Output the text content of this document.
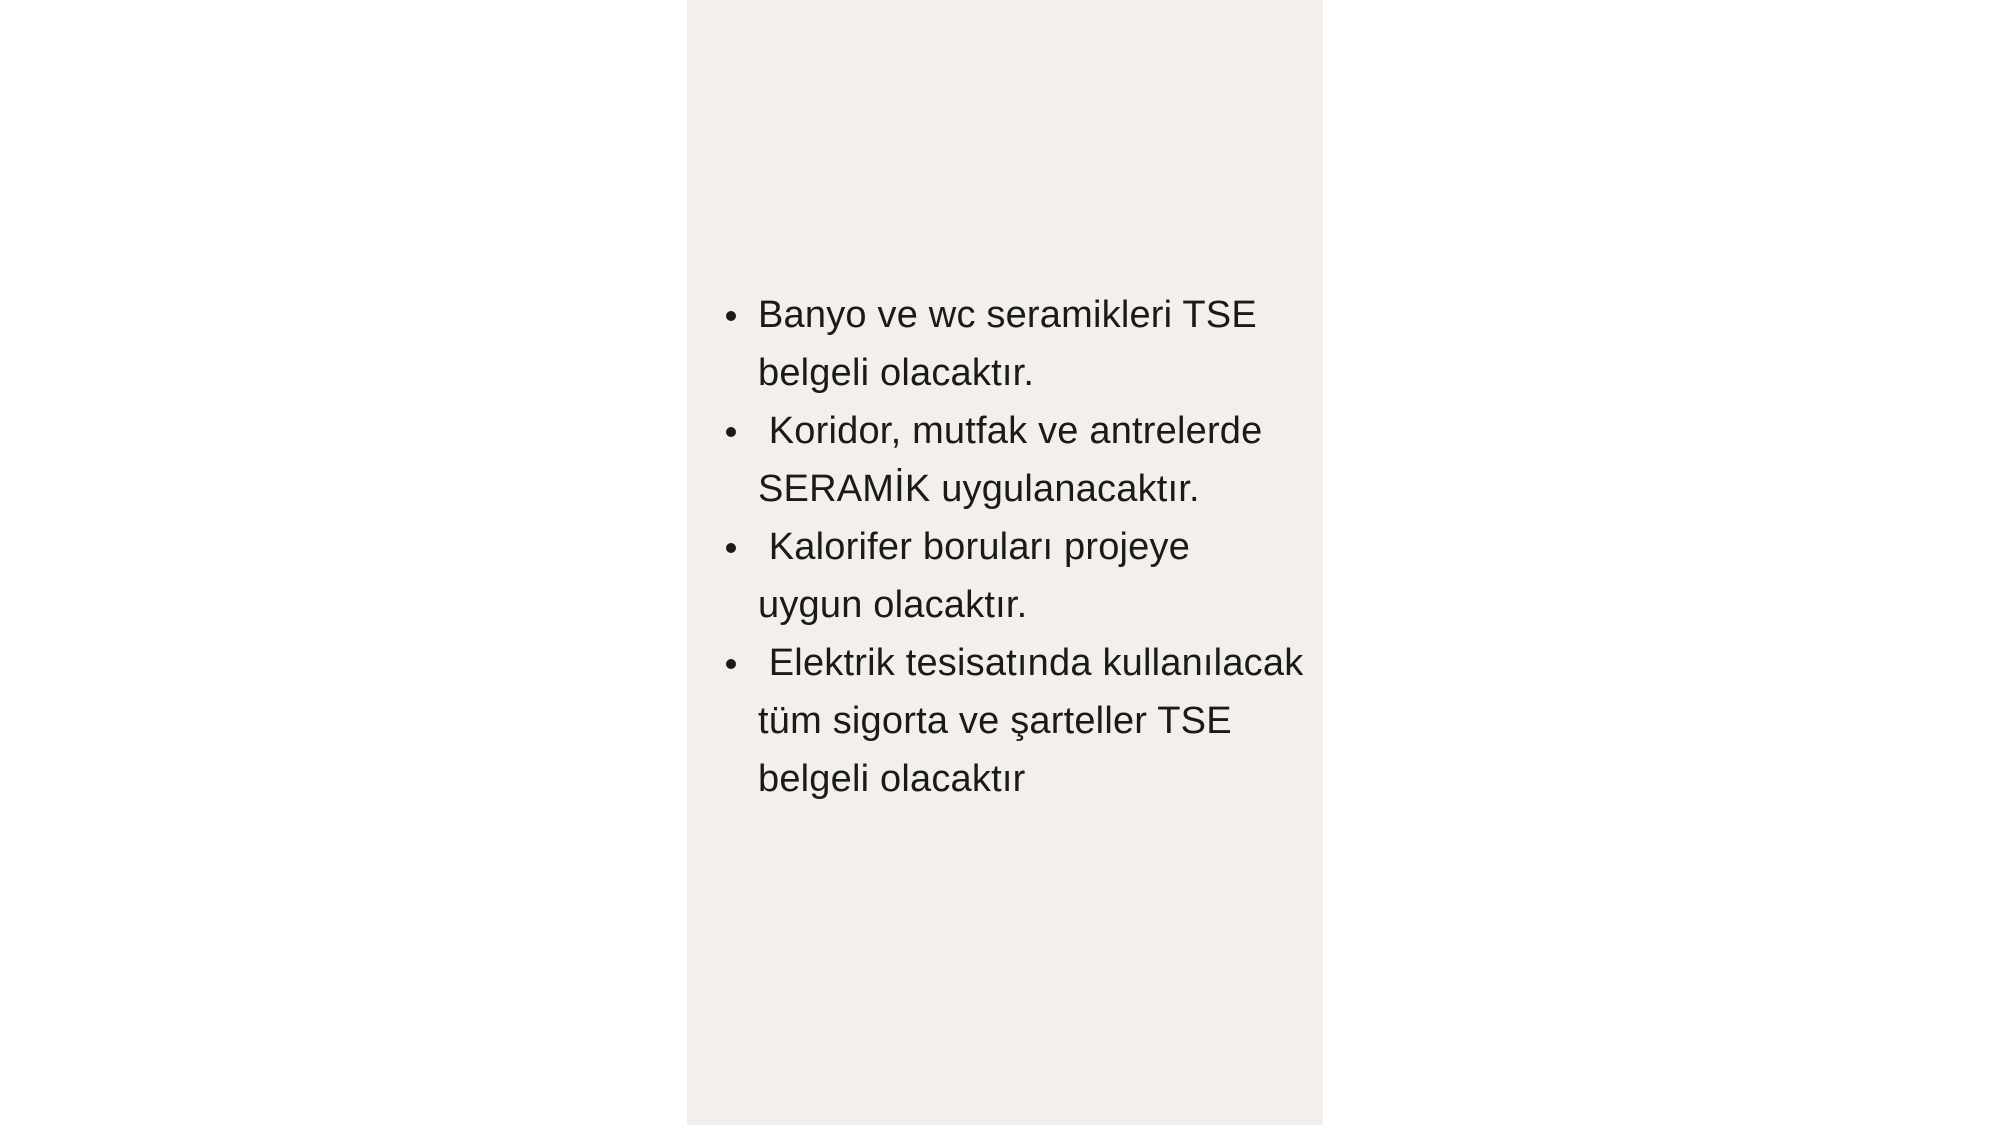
Banyo ve wc seramikleri TSE
belgeli olacaktır.
Koridor, mutfak ve antrelerde
SERAMİK uygulanacaktır.
Kalorifer boruları projeye
uygun olacaktır.
Elektrik tesisatında kullanılacak
tüm sigorta ve şarteller TSE
belgeli olacaktır
